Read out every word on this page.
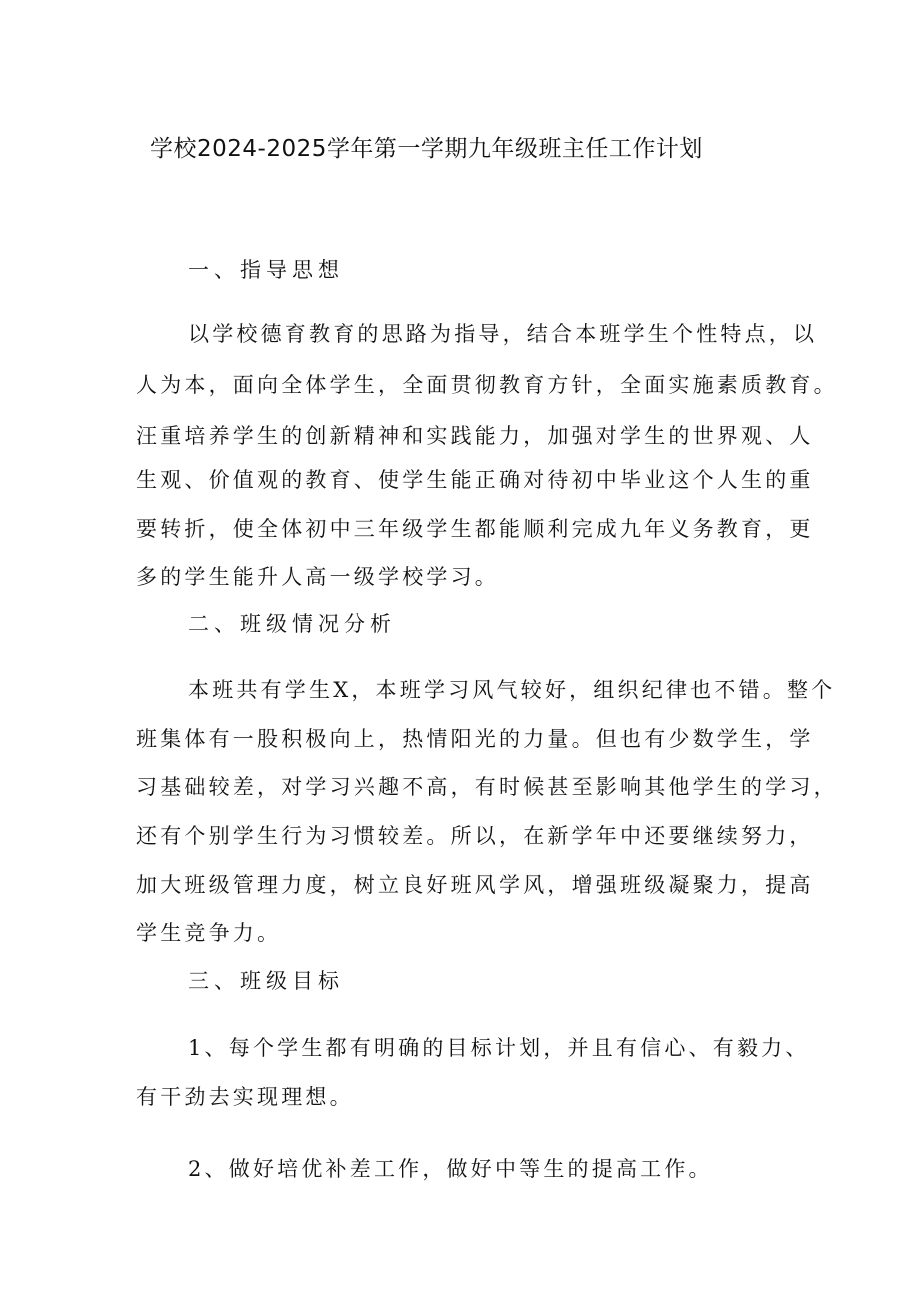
学校2024-2025学年第一学期九年级班主任工作计划
一、指导思想
以学校德育教育的思路为指导，结合本班学生个性特点，以
人为本，面向全体学生，全面贯彻教育方针，全面实施素质教育。
汪重培养学生的创新精神和实践能力，加强对学生的世界观、人
生观、价值观的教育、使学生能正确对待初中毕业这个人生的重
要转折，使全体初中三年级学生都能顺利完成九年义务教育，更
多的学生能升人高一级学校学习。
二、班级情况分析
本班共有学生X，本班学习风气较好，组织纪律也不错。整个
班集体有一股积极向上，热情阳光的力量。但也有少数学生，学
习基础较差，对学习兴趣不高，有时候甚至影响其他学生的学习，
还有个别学生行为习惯较差。所以，在新学年中还要继续努力，
加大班级管理力度，树立良好班风学风，增强班级凝聚力，提高
学生竞争力。
三、班级目标
1、每个学生都有明确的目标计划，并且有信心、有毅力、
有干劲去实现理想。
2、做好培优补差工作，做好中等生的提高工作。
